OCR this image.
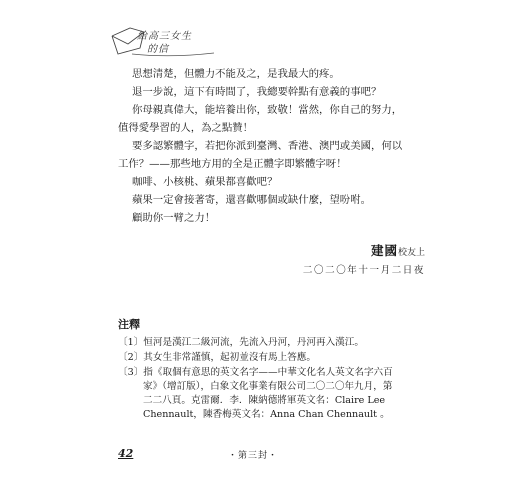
給高三女生
的信
思想清楚，但體力不能及之，是我最大的疼。
退一步說，這下有時間了，我總要幹點有意義的事吧？
你母親真偉大，能培養出你，致敬！當然，你自己的努力，
值得愛學習的人，為之點贊！
要多認繁體字，若把你派到臺灣、香港、澳門或美國，何以
工作？——那些地方用的全是正體字即繁體字呀！
咖啡、小核桃、蘋果都喜歡吧？
蘋果一定會接著寄，還喜歡哪個或缺什麼，望吩咐。
顧助你一臂之力！
建國校友上
二〇二〇年十一月二日夜
注釋
〔1〕恒河是漢江二級河流，先流入丹河，丹河再入漢江。
〔2〕其女生非常謹慎，起初並沒有馬上答應。
〔3〕指《取個有意思的英文名字——中華文化名人英文名字六百
家》（增訂版），白象文化事業有限公司二〇二〇年九月，第
二二八頁。克雷爾．李．陳納德將軍英文名：Claire Lee
Chennault，陳香梅英文名：Anna Chan Chennault 。
42	・第三封・
